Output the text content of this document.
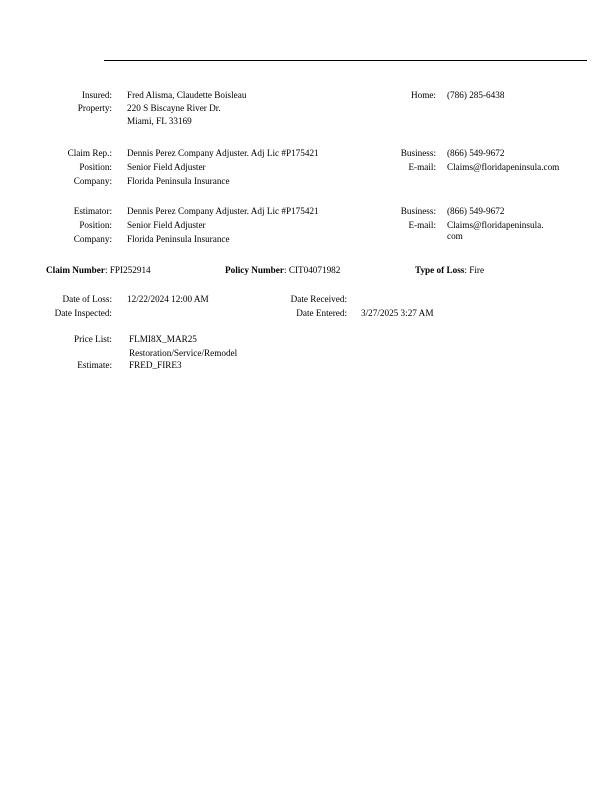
Insured: Fred Alisma, Claudette Boisleau
Property: 220 S Biscayne River Dr.
Miami, FL 33169
Home: (786) 285-6438
Claim Rep.: Dennis Perez Company Adjuster. Adj Lic #P175421
Position: Senior Field Adjuster
Company: Florida Peninsula Insurance
Business: (866) 549-9672
E-mail: Claims@floridapeninsula.com
Estimator: Dennis Perez Company Adjuster. Adj Lic #P175421
Position: Senior Field Adjuster
Company: Florida Peninsula Insurance
Business: (866) 549-9672
E-mail: Claims@floridapeninsula.
com
Claim Number: FPI252914	Policy Number: CIT04071982	Type of Loss: Fire
Date of Loss: 12/22/2024 12:00 AM	Date Received:
Date Inspected:	Date Entered: 3/27/2025 3:27 AM
Price List: FLMI8X_MAR25
Restoration/Service/Remodel
Estimate: FRED_FIRE3
